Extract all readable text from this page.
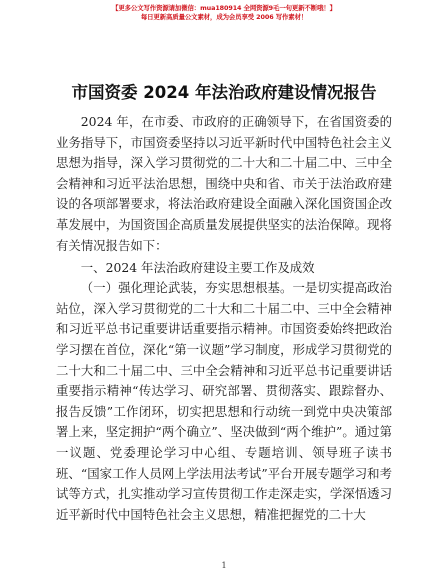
【更多公文写作资源请加微信：mua180914 全网资源9毛一句更新不断哦！】
每日更新高质量公文素材，成为会员享受 2006 写作素材！
市国资委 2024 年法治政府建设情况报告

2024 年，在市委、市政府的正确领导下，在省国资委的业务指导下，市国资委坚持以习近平新时代中国特色社会主义思想为指导，深入学习贯彻党的二十大和二十届二中、三中全会精神和习近平法治思想，围绕中央和省、市关于法治政府建设的各项部署要求，将法治政府建设全面融入深化国资国企改革发展中，为国资国企高质量发展提供坚实的法治保障。现将有关情况报告如下：

一、2024 年法治政府建设主要工作及成效

（一）强化理论武装，夯实思想根基。一是切实提高政治站位，深入学习贯彻党的二十大和二十届二中、三中全会精神和习近平总书记重要讲话重要指示精神。市国资委始终把政治学习摆在首位，深化“第一议题”学习制度，形成学习贯彻党的二十大和二十届二中、三中全会精神和习近平总书记重要讲话重要指示精神“传达学习、研究部署、贯彻落实、跟踪督办、报告反馈”工作闭环，切实把思想和行动统一到党中央决策部署上来，坚定拥护“两个确立”、坚决做到“两个维护”。通过第一议题、党委理论学习中心组、专题培训、领导班子读书班、“国家工作人员网上学法用法考试”平台开展专题学习和考试等方式，扎实推动学习宣传贯彻工作走深走实，学深悟透习近平新时代中国特色社会主义思想，精准把握党的二十大

1
